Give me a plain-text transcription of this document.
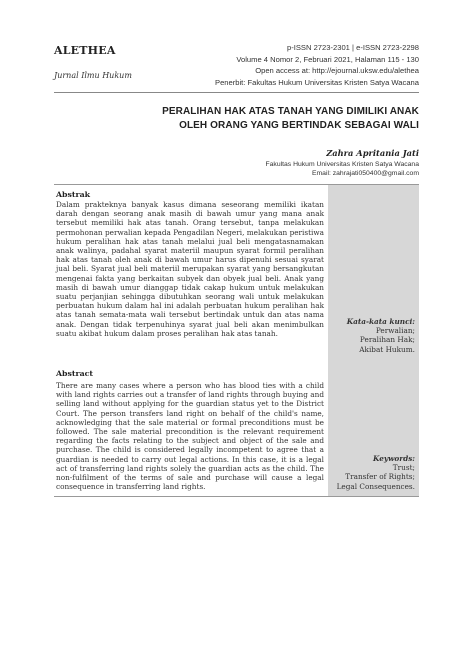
ALETHEA
Jurnal Ilmu Hukum
p-ISSN 2723-2301 | e-ISSN 2723-2298
Volume 4 Nomor 2, Februari 2021, Halaman 115 - 130
Open access at: http://ejournal.uksw.edu/alethea
Penerbit: Fakultas Hukum Universitas Kristen Satya Wacana
PERALIHAN HAK ATAS TANAH YANG DIMILIKI ANAK
OLEH ORANG YANG BERTINDAK SEBAGAI WALI
Zahra Apritania Jati
Fakultas Hukum Universitas Kristen Satya Wacana
Email: zahrajati050400@gmail.com
Abstrak
Dalam prakteknya banyak kasus dimana seseorang memiliki ikatan darah dengan seorang anak masih di bawah umur yang mana anak tersebut memiliki hak atas tanah. Orang tersebut, tanpa melakukan permohonan perwalian kepada Pengadilan Negeri, melakukan peristiwa hukum peralihan hak atas tanah melalui jual beli mengatasnamakan anak walinya, padahal syarat materiil maupun syarat formil peralihan hak atas tanah oleh anak di bawah umur harus dipenuhi sesuai syarat jual beli. Syarat jual beli materiil merupakan syarat yang bersangkutan mengenai fakta yang berkaitan subyek dan obyek jual beli. Anak yang masih di bawah umur dianggap tidak cakap hukum untuk melakukan suatu perjanjian sehingga dibutuhkan seorang wali untuk melakukan perbuatan hukum dalam hal ini adalah perbuatan hukum peralihan hak atas tanah semata-mata wali tersebut bertindak untuk dan atas nama anak. Dengan tidak terpenuhinya syarat jual beli akan menimbulkan suatu akibat hukum dalam proses peralihan hak atas tanah.
Kata-kata kunci:
Perwalian;
Peralihan Hak;
Akibat Hukum.
Abstract
There are many cases where a person who has blood ties with a child with land rights carries out a transfer of land rights through buying and selling land without applying for the guardian status yet to the District Court. The person transfers land right on behalf of the child's name, acknowledging that the sale material or formal preconditions must be followed. The sale material precondition is the relevant requirement regarding the facts relating to the subject and object of the sale and purchase. The child is considered legally incompetent to agree that a guardian is needed to carry out legal actions. In this case, it is a legal act of transferring land rights solely the guardian acts as the child. The non-fulfilment of the terms of sale and purchase will cause a legal consequence in transferring land rights.
Keywords:
Trust;
Transfer of Rights;
Legal Consequences.
